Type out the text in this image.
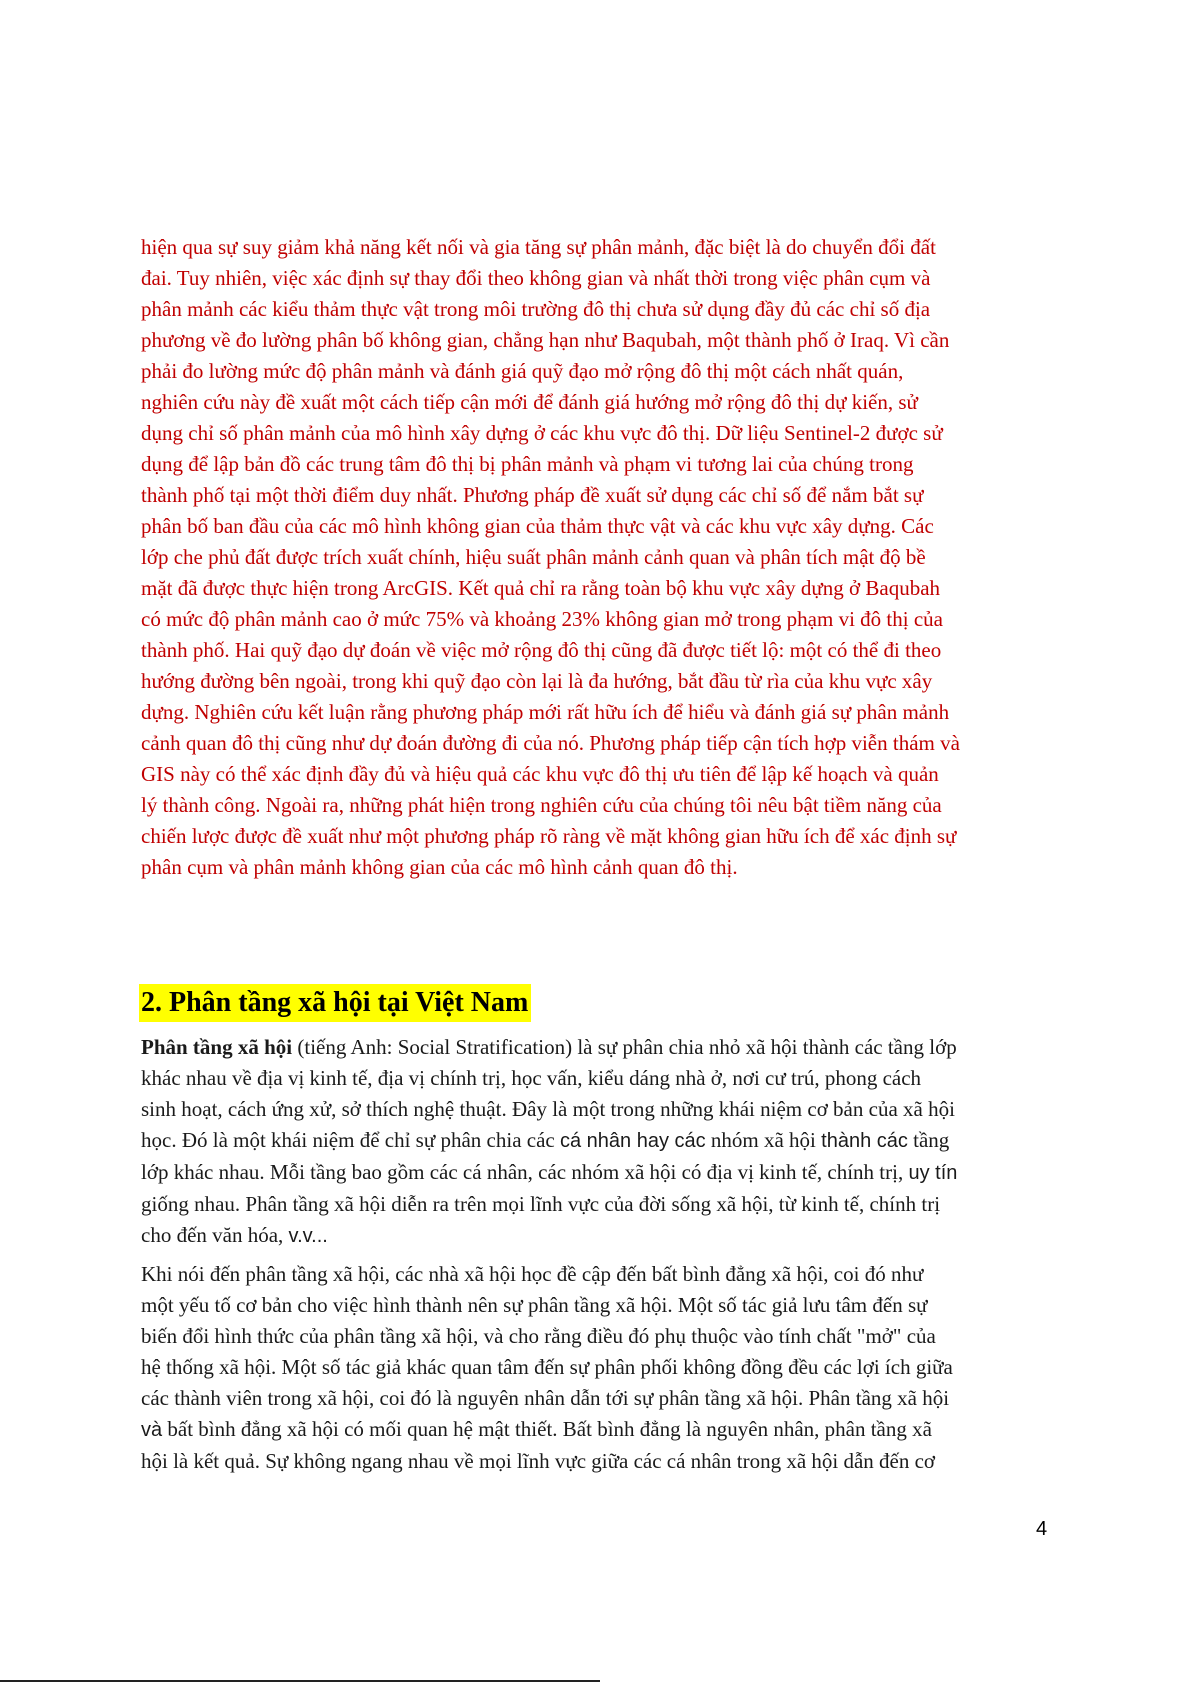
hiện qua sự suy giảm khả năng kết nối và gia tăng sự phân mảnh, đặc biệt là do chuyển đổi đất

đai. Tuy nhiên, việc xác định sự thay đổi theo không gian và nhất thời trong việc phân cụm và

phân mảnh các kiểu thảm thực vật trong môi trường đô thị chưa sử dụng đầy đủ các chỉ số địa

phương về đo lường phân bố không gian, chẳng hạn như Baqubah, một thành phố ở Iraq. Vì cần

phải đo lường mức độ phân mảnh và đánh giá quỹ đạo mở rộng đô thị một cách nhất quán,

nghiên cứu này đề xuất một cách tiếp cận mới để đánh giá hướng mở rộng đô thị dự kiến, sử

dụng chỉ số phân mảnh của mô hình xây dựng ở các khu vực đô thị. Dữ liệu Sentinel-2 được sử

dụng để lập bản đồ các trung tâm đô thị bị phân mảnh và phạm vi tương lai của chúng trong

thành phố tại một thời điểm duy nhất. Phương pháp đề xuất sử dụng các chỉ số để nắm bắt sự

phân bố ban đầu của các mô hình không gian của thảm thực vật và các khu vực xây dựng. Các

lớp che phủ đất được trích xuất chính, hiệu suất phân mảnh cảnh quan và phân tích mật độ bề

mặt đã được thực hiện trong ArcGIS. Kết quả chỉ ra rằng toàn bộ khu vực xây dựng ở Baqubah

có mức độ phân mảnh cao ở mức 75% và khoảng 23% không gian mở trong phạm vi đô thị của

thành phố. Hai quỹ đạo dự đoán về việc mở rộng đô thị cũng đã được tiết lộ: một có thể đi theo

hướng đường bên ngoài, trong khi quỹ đạo còn lại là đa hướng, bắt đầu từ rìa của khu vực xây

dựng. Nghiên cứu kết luận rằng phương pháp mới rất hữu ích để hiểu và đánh giá sự phân mảnh

cảnh quan đô thị cũng như dự đoán đường đi của nó. Phương pháp tiếp cận tích hợp viễn thám và

GIS này có thể xác định đầy đủ và hiệu quả các khu vực đô thị ưu tiên để lập kế hoạch và quản

lý thành công. Ngoài ra, những phát hiện trong nghiên cứu của chúng tôi nêu bật tiềm năng của

chiến lược được đề xuất như một phương pháp rõ ràng về mặt không gian hữu ích để xác định sự

phân cụm và phân mảnh không gian của các mô hình cảnh quan đô thị.

2. Phân tầng xã hội tại Việt Nam

Phân tầng xã hội (tiếng Anh: Social Stratification) là sự phân chia nhỏ xã hội thành các tầng lớp

khác nhau về địa vị kinh tế, địa vị chính trị, học vấn, kiểu dáng nhà ở, nơi cư trú, phong cách

sinh hoạt, cách ứng xử, sở thích nghệ thuật. Đây là một trong những khái niệm cơ bản của xã hội

học. Đó là một khái niệm để chỉ sự phân chia các cá nhân hay các nhóm xã hội thành các tầng

lớp khác nhau. Mỗi tầng bao gồm các cá nhân, các nhóm xã hội có địa vị kinh tế, chính trị, uy tín

giống nhau. Phân tầng xã hội diễn ra trên mọi lĩnh vực của đời sống xã hội, từ kinh tế, chính trị

cho đến văn hóa, v.v...

Khi nói đến phân tầng xã hội, các nhà xã hội học đề cập đến bất bình đẳng xã hội, coi đó như

một yếu tố cơ bản cho việc hình thành nên sự phân tầng xã hội. Một số tác giả lưu tâm đến sự

biến đổi hình thức của phân tầng xã hội, và cho rằng điều đó phụ thuộc vào tính chất "mở" của

hệ thống xã hội. Một số tác giả khác quan tâm đến sự phân phối không đồng đều các lợi ích giữa

các thành viên trong xã hội, coi đó là nguyên nhân dẫn tới sự phân tầng xã hội. Phân tầng xã hội

và bất bình đẳng xã hội có mối quan hệ mật thiết. Bất bình đẳng là nguyên nhân, phân tầng xã

hội là kết quả. Sự không ngang nhau về mọi lĩnh vực giữa các cá nhân trong xã hội dẫn đến cơ

4
